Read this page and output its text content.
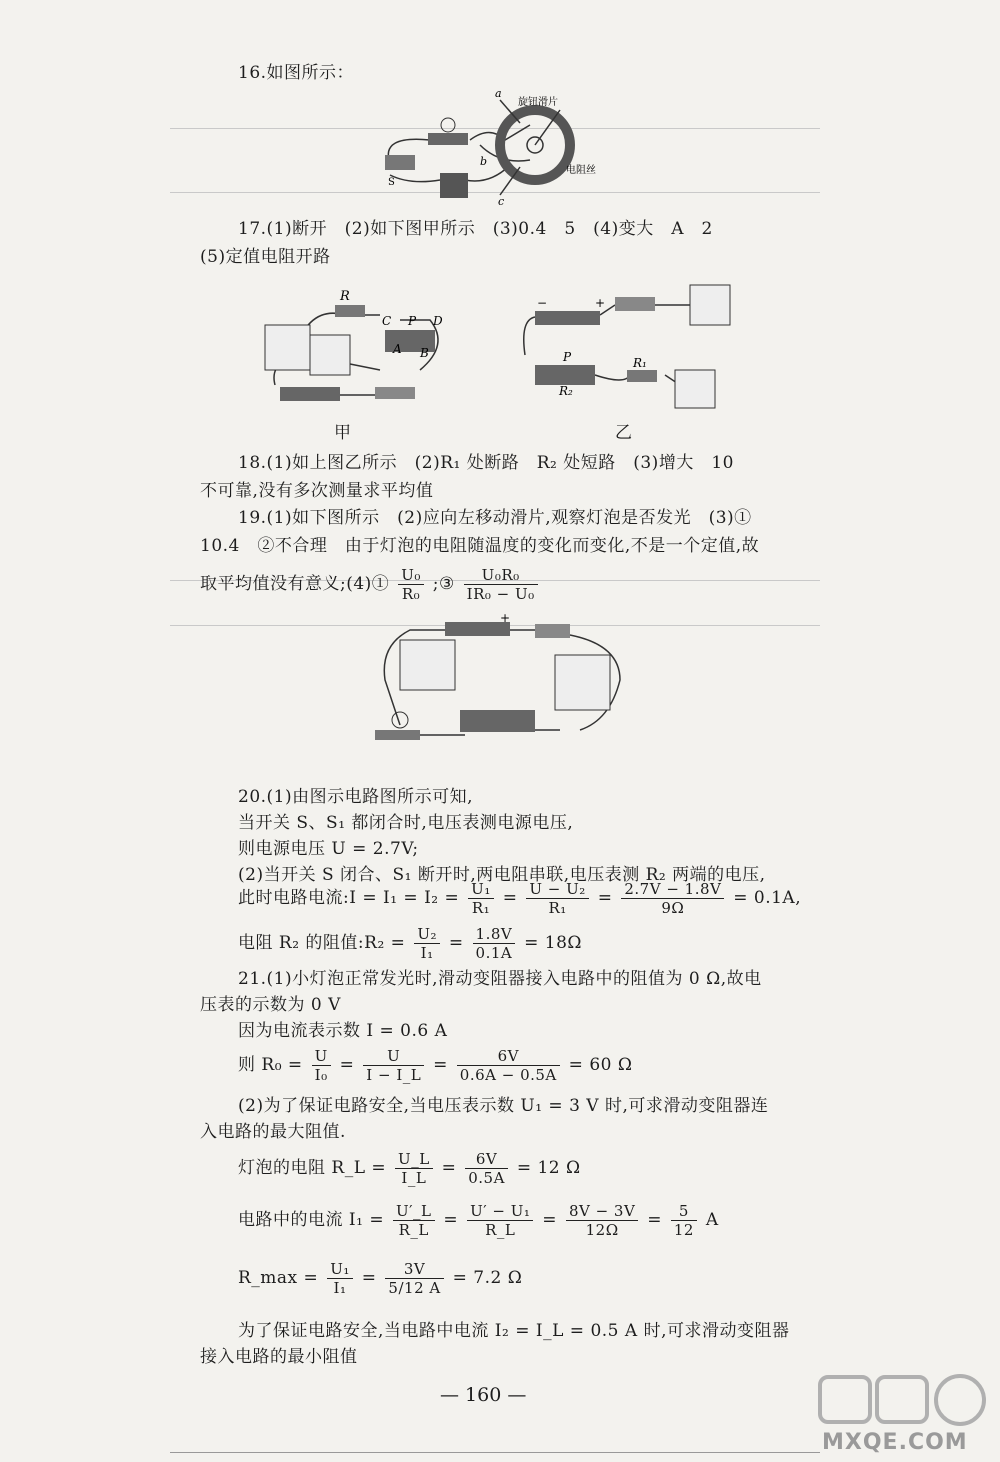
16.如图所示：
a
旋钮滑片
b
电阻丝
S
c
17.(1)断开　(2)如下图甲所示　(3)0.4　5　(4)变大　A　2
(5)定值电阻开路
R
C P D
A B
甲
−	+
P	R₁
R₂
乙
18.(1)如上图乙所示　(2)R₁ 处断路　R₂ 处短路　(3)增大　10
不可靠,没有多次测量求平均值
19.(1)如下图所示　(2)应向左移动滑片,观察灯泡是否发光　(3)①
10.4　②不合理　由于灯泡的电阻随温度的变化而变化,不是一个定值,故
取平均值没有意义;(4)① $\frac{\text{U₀}}{\text{R₀}}$ ;③ $\frac{\text{U₀R₀}}{\text{IR₀ − U₀}}$
+
20.(1)由图示电路图所示可知,
当开关 S、S₁ 都闭合时,电压表测电源电压,
则电源电压 U = 2.7V;
(2)当开关 S 闭合、S₁ 断开时,两电阻串联,电压表测 R₂ 两端的电压,
此时电路电流:I = $I_1 = I_2 = \frac{\text{U₁}}{\text{R₁}} = \frac{\text{U − U₂}}{\text{R₁}} = \frac{2.7V - 1.8V}{9\Omega} = 0.1A$,
电阻 R₂ 的阻值:R₂ = $\frac{\text{U₂}}{\text{I₁}} = \frac{1.8V}{0.1A} = 18\Omega$
21.(1)小灯泡正常发光时,滑动变阻器接入电路中的阻值为 0 Ω,故电
压表的示数为 0 V
因为电流表示数 I = 0.6 A
则 $R_0 = \frac{U}{\text{I₀}} = \frac{U}{I - I\_L} = \frac{6V}{0.6A - 0.5A} = 60$ Ω
(2)为了保证电路安全,当电压表示数 U₁ = 3 V 时,可求滑动变阻器连
入电路的最大阻值.
灯泡的电阻 R_L = $\frac{U\_L}{I\_L} = \frac{6V}{0.5A} = 12$ Ω
电路中的电流 $I_1 = \frac{U'\_L}{R\_L} = \frac{\text{U′ − U₁}}{R\_L} = \frac{8V - 3V}{12\Omega} = \frac{5}{12}$ A
R_max = $\frac{\text{U₁}}{\text{I₁}} = \frac{3V}{5/12 A} = 7.2$ Ω
为了保证电路安全,当电路中电流 I₂ = I_L = 0.5 A 时,可求滑动变阻器
接入电路的最小阻值
— 160 —
MXQE.COM
